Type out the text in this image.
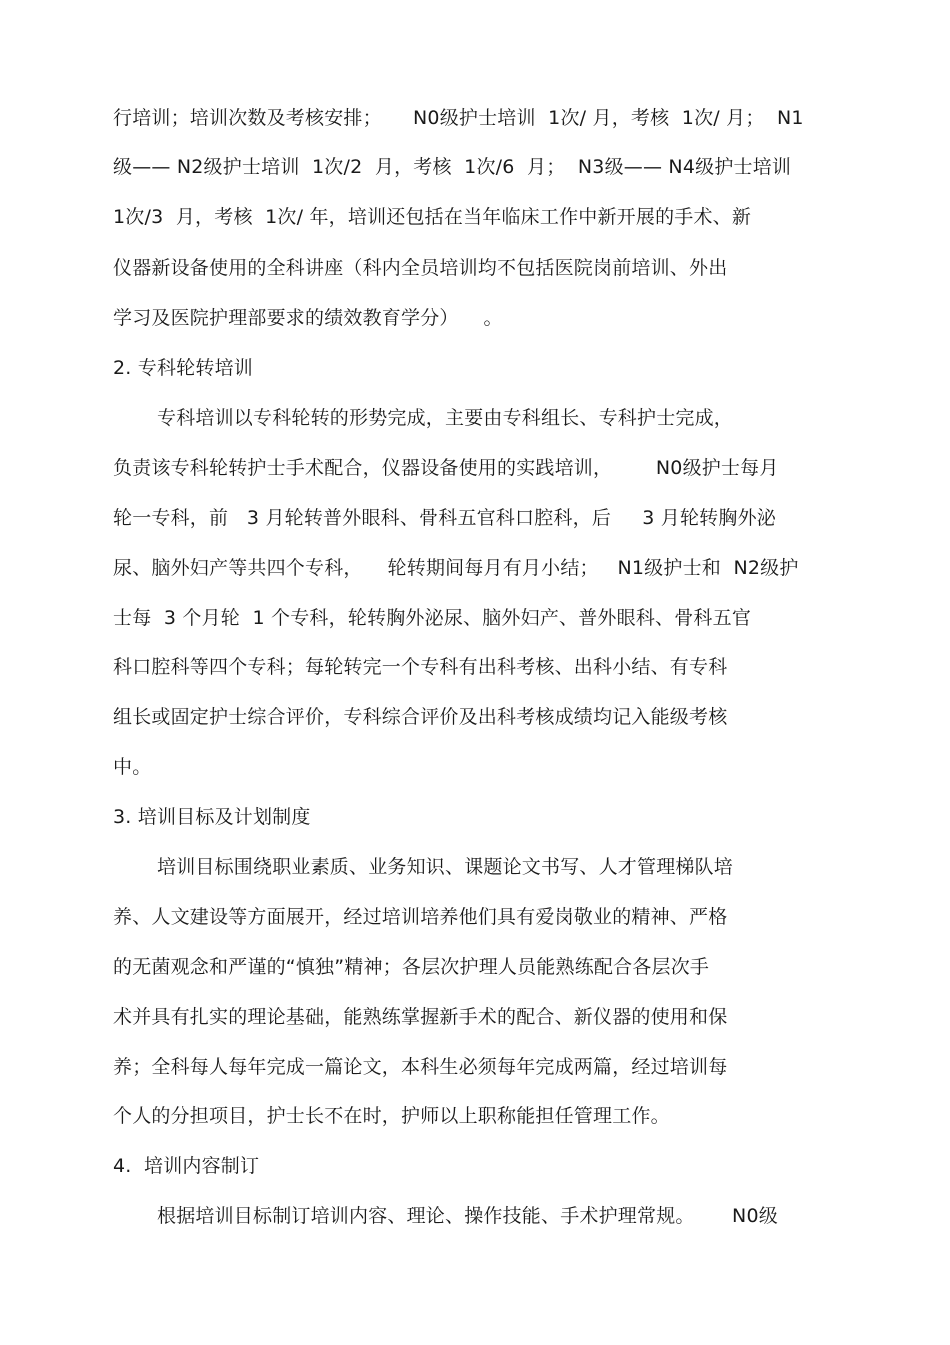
行培训；培训次数及考核安排；     N0级护士培训  1次/ 月，考核  1次/ 月；  N1
级—— N2级护士培训  1次/2  月，考核  1次/6  月；  N3级—— N4级护士培训
1次/3  月，考核  1次/ 年，培训还包括在当年临床工作中新开展的手术、新
仪器新设备使用的全科讲座（科内全员培训均不包括医院岗前培训、外出
学习及医院护理部要求的绩效教育学分）    。
2. 专科轮转培训
专科培训以专科轮转的形势完成，主要由专科组长、专科护士完成，
负责该专科轮转护士手术配合，仪器设备使用的实践培训，       N0级护士每月
轮一专科，前   3 月轮转普外眼科、骨科五官科口腔科，后     3 月轮转胸外泌
尿、脑外妇产等共四个专科，    轮转期间每月有月小结；   N1级护士和  N2级护
士每  3 个月轮  1 个专科，轮转胸外泌尿、脑外妇产、普外眼科、骨科五官
科口腔科等四个专科；每轮转完一个专科有出科考核、出科小结、有专科
组长或固定护士综合评价，专科综合评价及出科考核成绩均记入能级考核
中。
3. 培训目标及计划制度
培训目标围绕职业素质、业务知识、课题论文书写、人才管理梯队培
养、人文建设等方面展开，经过培训培养他们具有爱岗敬业的精神、严格
的无菌观念和严谨的“慎独”精神；各层次护理人员能熟练配合各层次手
术并具有扎实的理论基础，能熟练掌握新手术的配合、新仪器的使用和保
养；全科每人每年完成一篇论文，本科生必须每年完成两篇，经过培训每
个人的分担项目，护士长不在时，护师以上职称能担任管理工作。
4.  培训内容制订
根据培训目标制订培训内容、理论、操作技能、手术护理常规。      N0级
